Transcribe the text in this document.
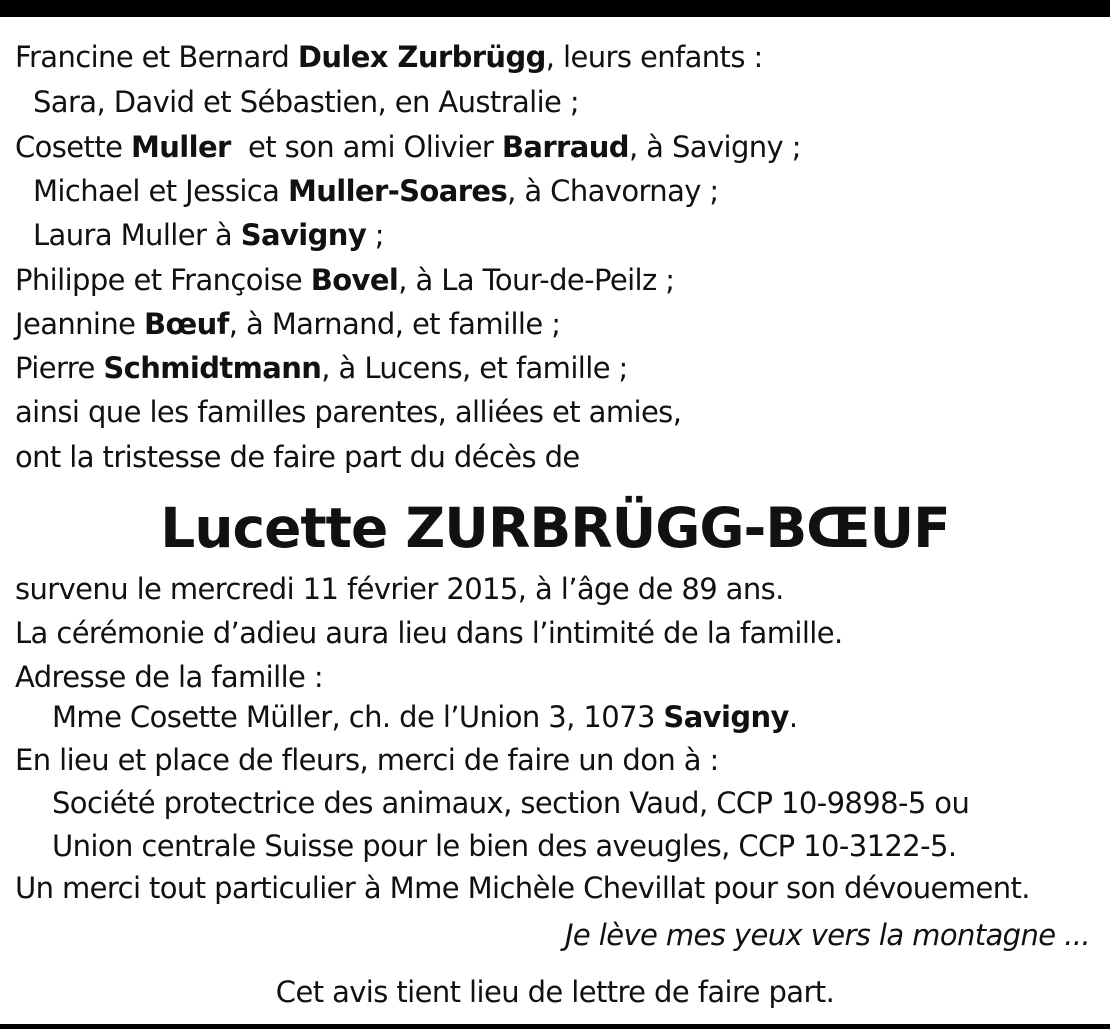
Francine et Bernard Dulex Zurbrügg, leurs enfants :
Sara, David et Sébastien, en Australie ;
Cosette Muller  et son ami Olivier Barraud, à Savigny ;
Michael et Jessica Muller-Soares, à Chavornay ;
Laura Muller à Savigny ;
Philippe et Françoise Bovel, à La Tour-de-Peilz ;
Jeannine Bœuf, à Marnand, et famille ;
Pierre Schmidtmann, à Lucens, et famille ;
ainsi que les familles parentes, alliées et amies,
ont la tristesse de faire part du décès de
Lucette ZURBRÜGG-BŒUF
survenu le mercredi 11 février 2015, à l’âge de 89 ans.
La cérémonie d’adieu aura lieu dans l’intimité de la famille.
Adresse de la famille :
Mme Cosette Müller, ch. de l’Union 3, 1073 Savigny.
En lieu et place de fleurs, merci de faire un don à :
Société protectrice des animaux, section Vaud, CCP 10-9898-5 ou
Union centrale Suisse pour le bien des aveugles, CCP 10-3122-5.
Un merci tout particulier à Mme Michèle Chevillat pour son dévouement.
Je lève mes yeux vers la montagne ...
Cet avis tient lieu de lettre de faire part.
